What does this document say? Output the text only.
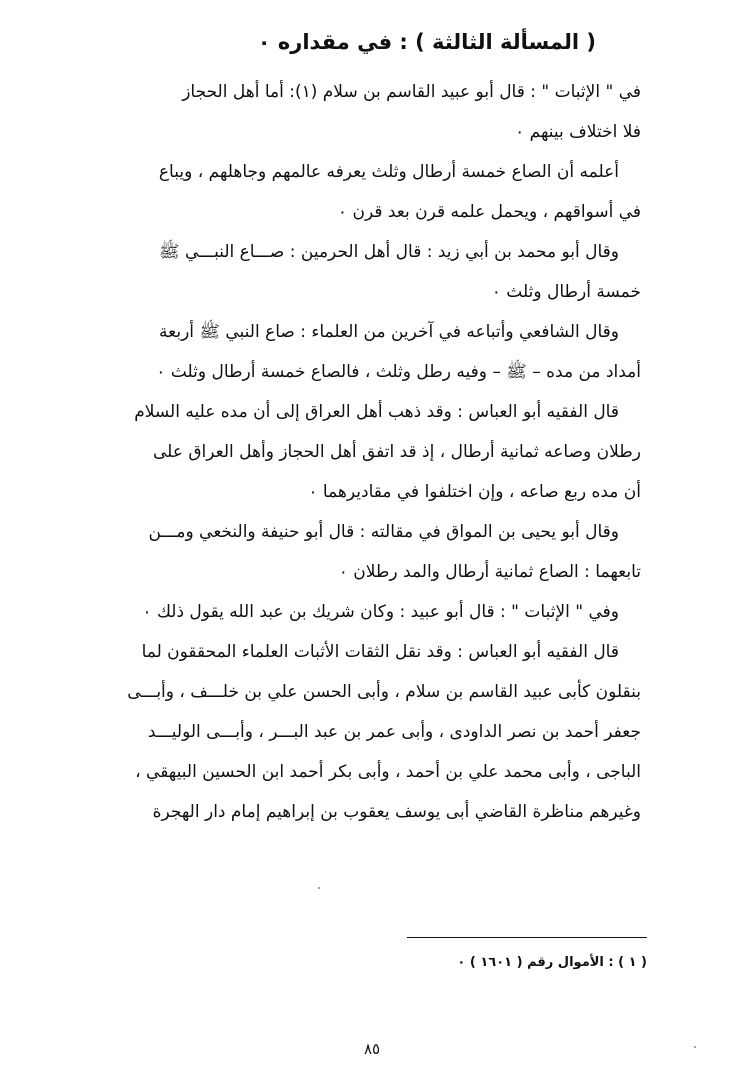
( المسألة الثالثة ) : في مقداره ٠
في " الإثبات " : قال أبو عبيد القاسم بن سلام (١): أما أهل الحجاز
فلا اختلاف بينهم ٠
أعلمه أن الصاع خمسة أرطال وثلث يعرفه عالمهم وجاهلهم ، ويباع
في أسواقهم ، ويحمل علمه قرن بعد قرن ٠
وقال أبو محمد بن أبي زيد : قال أهل الحرمين : صـــاع النبـــي ﷺ
خمسة أرطال وثلث ٠
وقال الشافعي وأتباعه في آخرين من العلماء : صاع النبي ﷺ أربعة
أمداد من مده – ﷺ – وفيه رطل وثلث ، فالصاع خمسة أرطال وثلث ٠
قال الفقيه أبو العباس : وقد ذهب أهل العراق إلى أن مده عليه السلام
رطلان وصاعه ثمانية أرطال ، إذ قد اتفق أهل الحجاز وأهل العراق على
أن مده ربع صاعه ، وإن اختلفوا في مقاديرهما ٠
وقال أبو يحيى بن المواق في مقالته : قال أبو حنيفة والنخعي ومـــن
تابعهما : الصاع ثمانية أرطال والمد رطلان ٠
وفي " الإثبات " : قال أبو عبيد : وكان شريك بن عبد الله يقول ذلك ٠
قال الفقيه أبو العباس : وقد نقل الثقات الأثبات العلماء المحققون لما
بنقلون كأبى عبيد القاسم بن سلام ، وأبى الحسن علي بن خلـــف ، وأبـــى
جعفر أحمد بن نصر الداودى ، وأبى عمر بن عبد البـــر ، وأبـــى الوليـــد
الباجى ، وأبى محمد علي بن أحمد ، وأبى بكر أحمد ابن الحسين البيهقي ،
وغيرهم مناظرة القاضي أبى يوسف يعقوب بن إبراهيم إمام دار الهجرة
( ١ ) : الأموال رقم ( ١٦٠١ ) ٠
٨٥
